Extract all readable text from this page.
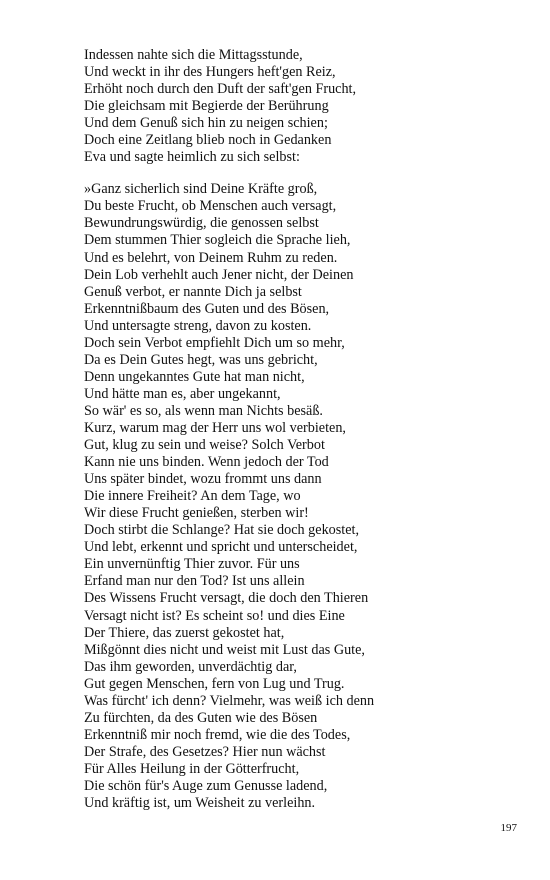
Indessen nahte sich die Mittagsstunde,
Und weckt in ihr des Hungers heft'gen Reiz,
Erhöht noch durch den Duft der saft'gen Frucht,
Die gleichsam mit Begierde der Berührung
Und dem Genuß sich hin zu neigen schien;
Doch eine Zeitlang blieb noch in Gedanken
Eva und sagte heimlich zu sich selbst:
»Ganz sicherlich sind Deine Kräfte groß,
Du beste Frucht, ob Menschen auch versagt,
Bewundrungswürdig, die genossen selbst
Dem stummen Thier sogleich die Sprache lieh,
Und es belehrt, von Deinem Ruhm zu reden.
Dein Lob verhehlt auch Jener nicht, der Deinen
Genuß verbot, er nannte Dich ja selbst
Erkenntnißbaum des Guten und des Bösen,
Und untersagte streng, davon zu kosten.
Doch sein Verbot empfiehlt Dich um so mehr,
Da es Dein Gutes hegt, was uns gebricht,
Denn ungekanntes Gute hat man nicht,
Und hätte man es, aber ungekannt,
So wär' es so, als wenn man Nichts besäß.
Kurz, warum mag der Herr uns wol verbieten,
Gut, klug zu sein und weise? Solch Verbot
Kann nie uns binden. Wenn jedoch der Tod
Uns später bindet, wozu frommt uns dann
Die innere Freiheit? An dem Tage, wo
Wir diese Frucht genießen, sterben wir!
Doch stirbt die Schlange? Hat sie doch gekostet,
Und lebt, erkennt und spricht und unterscheidet,
Ein unvernünftig Thier zuvor. Für uns
Erfand man nur den Tod? Ist uns allein
Des Wissens Frucht versagt, die doch den Thieren
Versagt nicht ist? Es scheint so! und dies Eine
Der Thiere, das zuerst gekostet hat,
Mißgönnt dies nicht und weist mit Lust das Gute,
Das ihm geworden, unverdächtig dar,
Gut gegen Menschen, fern von Lug und Trug.
Was fürcht' ich denn? Vielmehr, was weiß ich denn
Zu fürchten, da des Guten wie des Bösen
Erkenntniß mir noch fremd, wie die des Todes,
Der Strafe, des Gesetzes? Hier nun wächst
Für Alles Heilung in der Götterfrucht,
Die schön für's Auge zum Genusse ladend,
Und kräftig ist, um Weisheit zu verleihn.
197
